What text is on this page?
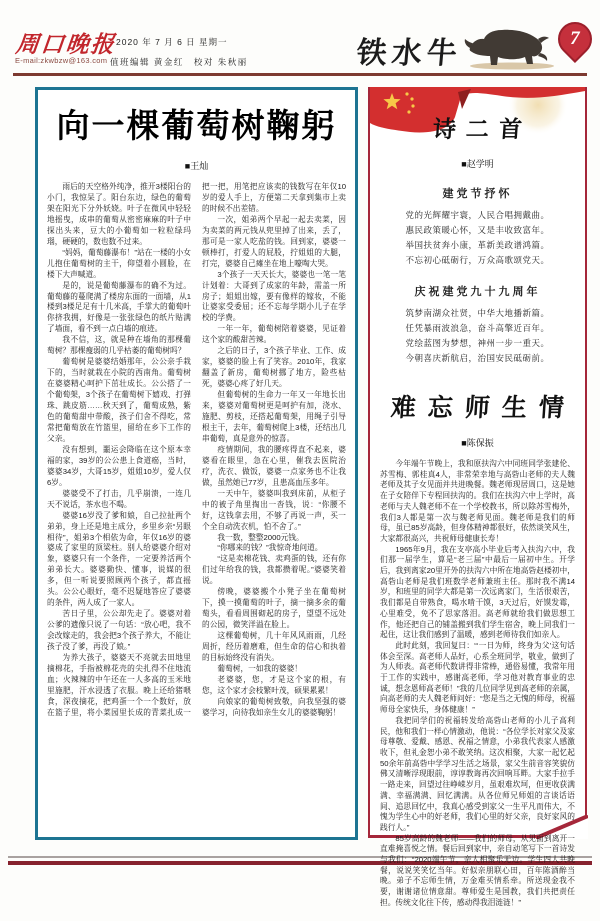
周口晚报
E-mail:zkwbzw@163.com
2020 年 7 月 6 日 星期一
值班编辑 黄金红　校对 朱秋丽	铁水牛	7
向一棵葡萄树鞠躬
■王灿

雨后的天空格外纯净，推开3楼阳台的小门，我惊呆了。阳台东边，绿色的葡萄架在阳光下分外妖娆。叶子在微风中轻轻地摇曳，成串的葡萄从密密麻麻的叶子中探出头来，豆大的小葡萄如一粒粒绿玛瑙，硬硬的，数也数不过来。

“妈妈，葡萄藤瀑布！”站在一楼的小女儿抱住葡萄树的主干，仰望着小圆脸，在楼下大声喊道。

是的，说是葡萄藤瀑布的确不为过。葡萄藤的蔓爬满了楼房东面的一面墙，从1楼到3楼足足有十几米高，手掌大的葡萄叶你挤我拥，好像是一张张绿色的纸片贴满了墙面，看不到一点白墙的痕迹。

我不信，这，就是种在墙角的那棵葡萄树？那棵瘦弱的几乎枯萎的葡萄树吗？

葡萄树是婆婆结婚那年，公公亲手栽下的，当时就栽在小院的西南角。葡萄树在婆婆精心呵护下茁壮成长。公公搭了一个葡萄架，3个孩子在葡萄树下嬉戏、打弹珠、跳皮筋……秋天到了，葡萄成熟，紫色的葡萄甜中带酸，孩子们舍不得吃，常常把葡萄放在竹篮里，留给在乡下工作的父亲。

没有想到，噩运会降临在这个原本幸福的家，39岁的公公患上食道癌，当时，婆婆34岁，大哥15岁，姐姐10岁，爱人仅6岁。

婆婆受不了打击，几乎崩溃，一连几天不说话，茶水也不喝。

婆婆16岁没了爹和娘，自己拉扯两个弟弟，身上还是地主成分，乡里乡亲“另眼相待”，姐弟3个相依为命，年仅16岁的婆婆成了家里的顶梁柱。别人给婆婆介绍对象，婆婆只有一个条件，一定要养活两个弟弟长大。婆婆勤快、懂事，说媒的很多，但一听说要照顾两个孩子，都直摇头。公公心眼好，毫不迟疑地答应了婆婆的条件，两人成了一家人。

苦日子里，公公却先走了。婆婆对着公爹的遗像只说了一句话：“放心吧，我不会改嫁走的，我会把3个孩子养大，不能让孩子没了爹，再没了娘。”

为养大孩子，婆婆天不亮就去田地里摘棉花，手指被棉花壳的尖扎得不住地流血；火辣辣的中午还在一人多高的玉米地里施肥，汗水浸透了衣服。晚上还给猪喂食，深夜摘花，把鸡蛋一个一个数好，放在篮子里，将小菜园里长成的青菜扎成一把一把，用笔把应该卖的钱数写在年仅10岁的爱人手上，方便第二天拿到集市上卖的时候不出差错。

一次，姐弟两个早起一起去卖菜，因为卖菜的两元钱从兜里掉了出来，丢了，那可是一家人吃盐的钱。回到家，婆婆一顿棒打，打爱人的屁股，拧姐姐的大腿，打完，婆婆自己瘫坐在地上嚎啕大哭。

3个孩子一天天长大，婆婆也一笔一笔计划着：大哥到了成家的年龄，需盖一所房子；姐姐出嫁，要有像样的嫁妆，不能让婆家受委屈；还不忘每学期小儿子在学校的学费。

一年一年，葡萄树陪着婆婆，见证着这个家的酸甜苦辣。

之后的日子，3个孩子毕业、工作、成家，婆婆的脸上有了笑容。2010年，我家翻盖了新房，葡萄树挪了地方，险些枯死，婆婆心疼了好几天。

但葡萄树的生命力一年又一年地长出来，婆婆对葡萄树更是呵护有加，浇水、施肥、剪枝，还搭起葡萄架，用绳子引导根主干，去年，葡萄树爬上3楼，还结出几串葡萄，真是意外的惊喜。

疫情期间，我的腰疼得直不起来，婆婆看在眼里，急在心里，催我去医院治疗，洗衣、做饭，婆婆一点家务也不让我做，虽然她已77岁，且患高血压多年。

一天中午，婆婆叫我到床前，从柜子中的被子角里掏出一沓钱，说：“你腰不好，这钱拿去用，不够了再说一声，买一个全自动洗衣机，怕不舍了。”

我一数，整整2000元钱。

“你哪来的钱？”我惊奇地问道。

“这是卖棉花钱、卖鸡蛋的钱，还有你们过年给我的钱，我都攒着呢。”婆婆笑着说。

傍晚，婆婆搬个小凳子坐在葡萄树下，摸一摸葡萄的叶子，摘一摘多余的葡萄头，看看周围砌起的房子，望望不远处的公园，微笑洋溢在脸上。

这棵葡萄树，几十年风风雨雨，几经周折，经历着磨难，但生命的信心和执着的目标始终没有消失。

葡萄树，一如我的婆婆！

老婆婆，您，才是这个家的根，有您，这个家才会枝繁叶茂，硕果累累！

向娘家的葡萄树致敬，向我坚强的婆婆学习，向待我如亲生女儿的婆婆鞠躬！

诗二首
■赵学明
建党节抒怀
党的光辉耀宇寰，人民合唱拥戴曲。
惠民政策暖心怀，又是丰收致富年。
举国扶贫奔小康，革新美政谱鸿篇。
不忘初心砥砺行，万众高歌颂党天。
庆祝建党九十九周年
筑梦南湖众社贤，中华大地播新篇。
任凭暴雨波浪急，奋斗高擎近百年。
党绘蓝图为梦想，神州一步一重天。
今朝喜庆新航启，治国安民砥砺前。
难忘师生情
■陈保振

今年端午节晚上，我和原扶沟六中同班同学张建伦、苏雪梅、郭桂真4人，非常荣幸地与高砦山老师的夫人魏老师及其子女见面并共进晚餐。魏老师现居周口，这是她在子女陪伴下专程回扶沟的。我们在扶沟六中上学时，高老师与夫人魏老师不在一个学校教书，所以除苏雪梅外，我们3人都是第一次与魏老师见面。魏老师是我们的师母，虽已85岁高龄，但身体精神都很好，依然谈笑风生，大家都很高兴，共祝师母健康长寿！

1965年9月，我在支亭高小毕业后考入扶沟六中，我们那一届学生，算是“老三届”中最后一届初中生。开学后，我到离家20里开外的扶沟六中所在地高砦赵楼初中，高砦山老师是我们班数学老师兼班主任。那时我不满14岁，和班里的同学大都是第一次远离家门，生活很艰苦，我们都是自带熟食，喝水啃干馍，3天过后，好馍发霉，心里难受，免不了思家落泪。高老师就给我们做思想工作，他还把自己的铺盖搬到我们学生宿舍，晚上同我们一起住，这让我们感到了温暖，感到老师待我们如亲人。

此时此刻，我回复曰：“‘一日为师，终身为父’这句话体会至深。高老师人品好，心系全班同学，敬业，做到了为人师表。高老师代数讲得非常棒，通俗易懂，我常年用于工作的实践中，感谢高老师，学习他对教育事业的忠诚，想念恩师高老师！”我的几位同学见到高老师的亲属，向高老师的夫人魏老师问好：“您是当之无愧的师母，祝福师母全家快乐，身体健康！”

我把同学们的祝福转发给高砦山老师的小儿子高利民，他和我们一样心情激动，他说：“各位学长对家父及家母尊敬、爱戴、感恩、祝福之情意，小弟我代表家人感激收下，但礼金恕小弟不敢笑纳。这次相聚，大家一起忆起50余年前高砦中学学习生活之场景，家父生前音容笑貌仿佛又清晰浮现眼前，谆谆教诲再次回响耳畔。大家手拉手一路走来，回望过往峥嵘岁月，虽艰难坎坷，但更收获满满、幸福满满、回忆满满。从各位师兄师姐的言谈话语间、追思回忆中，我真心感受到家父一生平凡而伟大，不愧为学生心中的好老师，我们心里的好父亲，良好家风的践行人。”

85岁高龄的魏老师——我们的师母，从见面到离开一直难掩喜悦之情。餐后回到家中，亲自动笔写下一首诗发与我们：“2020端午节，亲人相聚乐无边。学生四人共晚餐，说说笑笑忆当年。好似亲朋联心田，百年陈酒醉当晚。弟子不忘师生情，万金难买情系牵。所送现金我不要，谢谢诸位情意甜。尊师爱生是国教，我们共把责任担。传统文化往下传，感动得我泪涟涟！”
